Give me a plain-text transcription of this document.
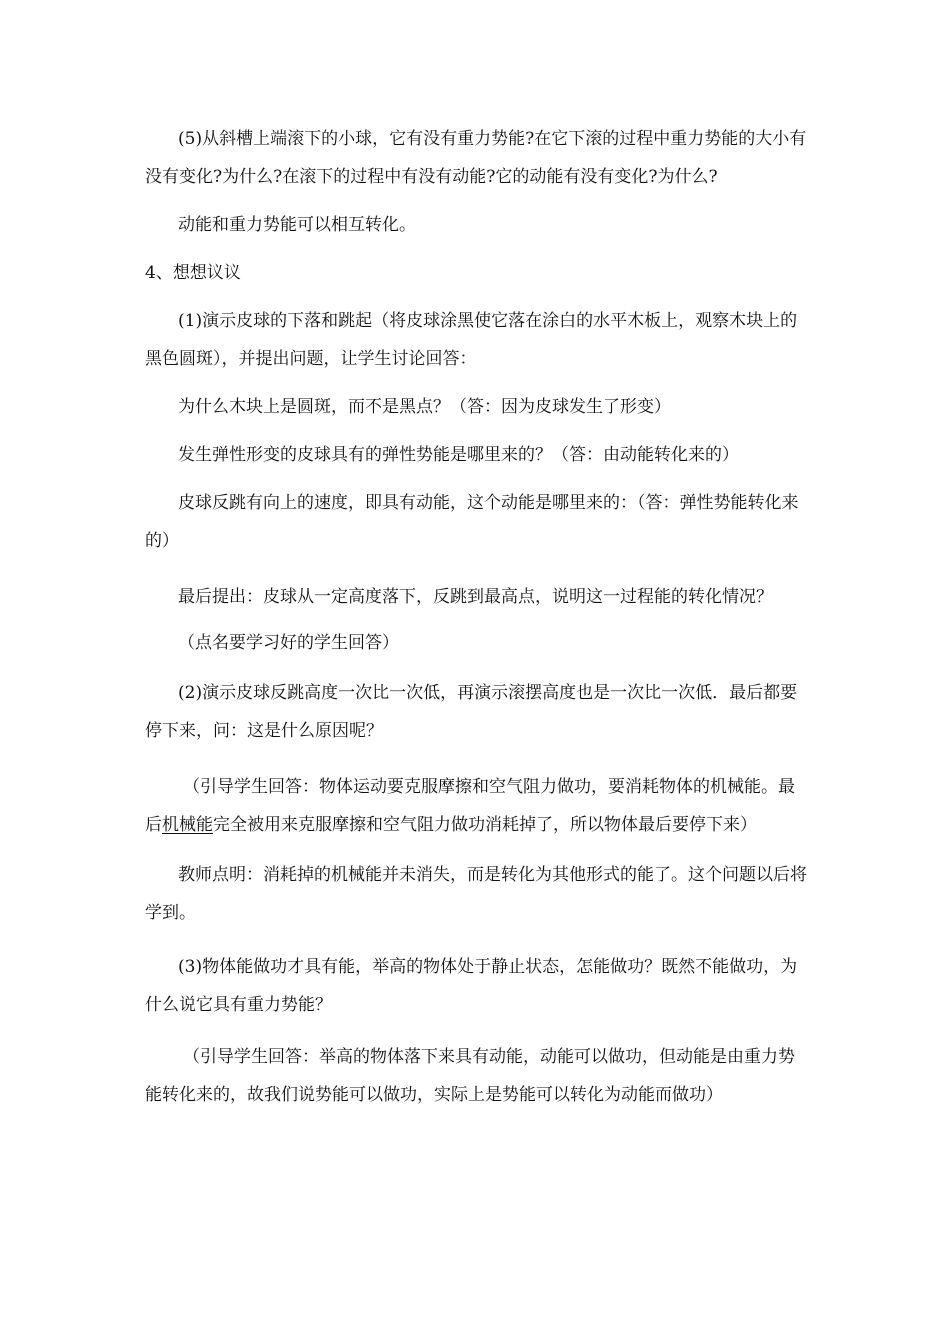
(5)从斜槽上端滚下的小球，它有没有重力势能?在它下滚的过程中重力势能的大小有没有变化?为什么?在滚下的过程中有没有动能?它的动能有没有变化?为什么?

动能和重力势能可以相互转化。

4、想想议议

(1)演示皮球的下落和跳起（将皮球涂黑使它落在涂白的水平木板上，观察木块上的黑色圆斑），并提出问题，让学生讨论回答：

为什么木块上是圆斑，而不是黑点？（答：因为皮球发生了形变）

发生弹性形变的皮球具有的弹性势能是哪里来的？（答：由动能转化来的）

皮球反跳有向上的速度，即具有动能，这个动能是哪里来的：（答：弹性势能转化来的）

最后提出：皮球从一定高度落下，反跳到最高点，说明这一过程能的转化情况？

（点名要学习好的学生回答）

(2)演示皮球反跳高度一次比一次低，再演示滚摆高度也是一次比一次低．最后都要停下来，问：这是什么原因呢？

（引导学生回答：物体运动要克服摩擦和空气阻力做功，要消耗物体的机械能。最后机械能完全被用来克服摩擦和空气阻力做功消耗掉了，所以物体最后要停下来）

教师点明：消耗掉的机械能并未消失，而是转化为其他形式的能了。这个问题以后将学到。

(3)物体能做功才具有能，举高的物体处于静止状态，怎能做功？既然不能做功，为什么说它具有重力势能？

（引导学生回答：举高的物体落下来具有动能，动能可以做功，但动能是由重力势能转化来的，故我们说势能可以做功，实际上是势能可以转化为动能而做功）
